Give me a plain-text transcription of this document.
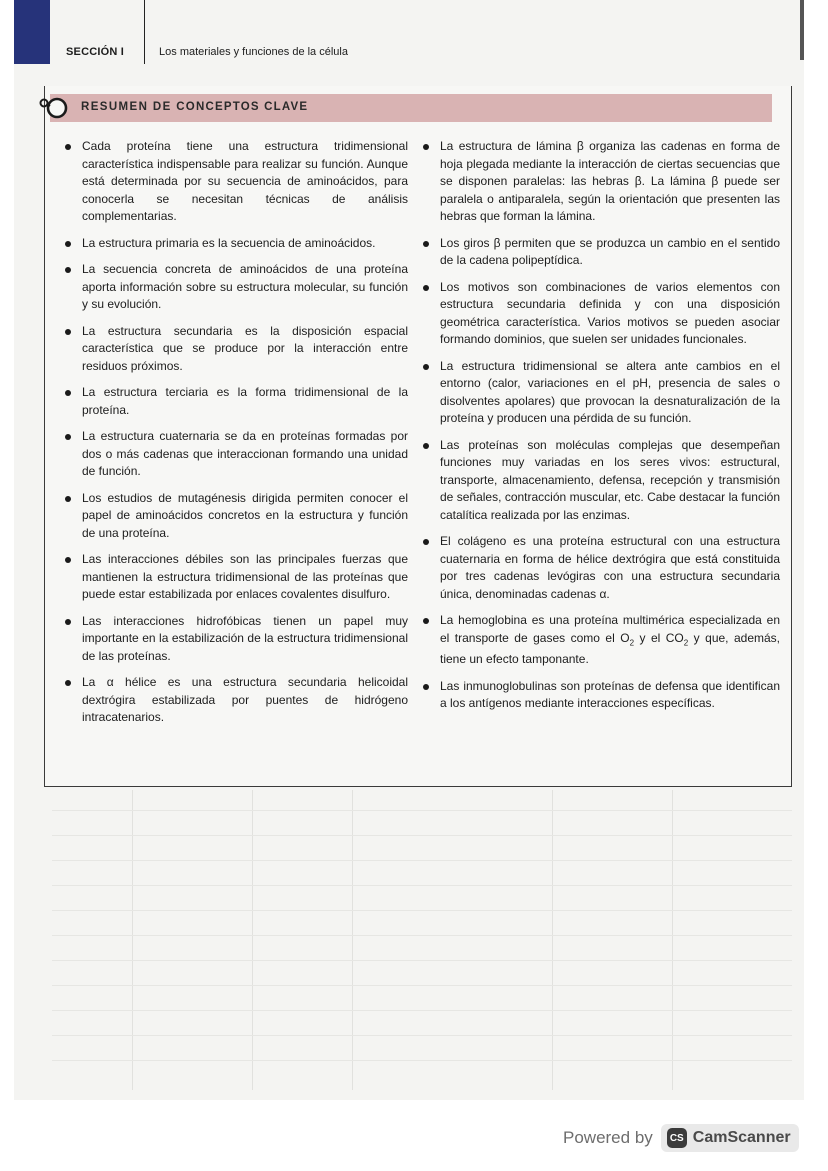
SECCIÓN I	Los materiales y funciones de la célula
RESUMEN DE CONCEPTOS CLAVE
Cada proteína tiene una estructura tridimensional característica indispensable para realizar su función. Aunque está determinada por su secuencia de aminoácidos, para conocerla se necesitan técnicas de análisis complementarias.
La estructura primaria es la secuencia de aminoácidos.
La secuencia concreta de aminoácidos de una proteína aporta información sobre su estructura molecular, su función y su evolución.
La estructura secundaria es la disposición espacial característica que se produce por la interacción entre residuos próximos.
La estructura terciaria es la forma tridimensional de la proteína.
La estructura cuaternaria se da en proteínas formadas por dos o más cadenas que interaccionan formando una unidad de función.
Los estudios de mutagénesis dirigida permiten conocer el papel de aminoácidos concretos en la estructura y función de una proteína.
Las interacciones débiles son las principales fuerzas que mantienen la estructura tridimensional de las proteínas que puede estar estabilizada por enlaces covalentes disulfuro.
Las interacciones hidrofóbicas tienen un papel muy importante en la estabilización de la estructura tridimensional de las proteínas.
La α hélice es una estructura secundaria helicoidal dextrógira estabilizada por puentes de hidrógeno intracatenarios.
La estructura de lámina β organiza las cadenas en forma de hoja plegada mediante la interacción de ciertas secuencias que se disponen paralelas: las hebras β. La lámina β puede ser paralela o antiparalela, según la orientación que presenten las hebras que forman la lámina.
Los giros β permiten que se produzca un cambio en el sentido de la cadena polipeptídica.
Los motivos son combinaciones de varios elementos con estructura secundaria definida y con una disposición geométrica característica. Varios motivos se pueden asociar formando dominios, que suelen ser unidades funcionales.
La estructura tridimensional se altera ante cambios en el entorno (calor, variaciones en el pH, presencia de sales o disolventes apolares) que provocan la desnaturalización de la proteína y producen una pérdida de su función.
Las proteínas son moléculas complejas que desempeñan funciones muy variadas en los seres vivos: estructural, transporte, almacenamiento, defensa, recepción y transmisión de señales, contracción muscular, etc. Cabe destacar la función catalítica realizada por las enzimas.
El colágeno es una proteína estructural con una estructura cuaternaria en forma de hélice dextrógira que está constituida por tres cadenas levógiras con una estructura secundaria única, denominadas cadenas α.
La hemoglobina es una proteína multimérica especializada en el transporte de gases como el $O_2$ y el $CO_2$ y que, además, tiene un efecto tamponante.
Las inmunoglobulinas son proteínas de defensa que identifican a los antígenos mediante interacciones específicas.
Powered by	CS CamScanner
